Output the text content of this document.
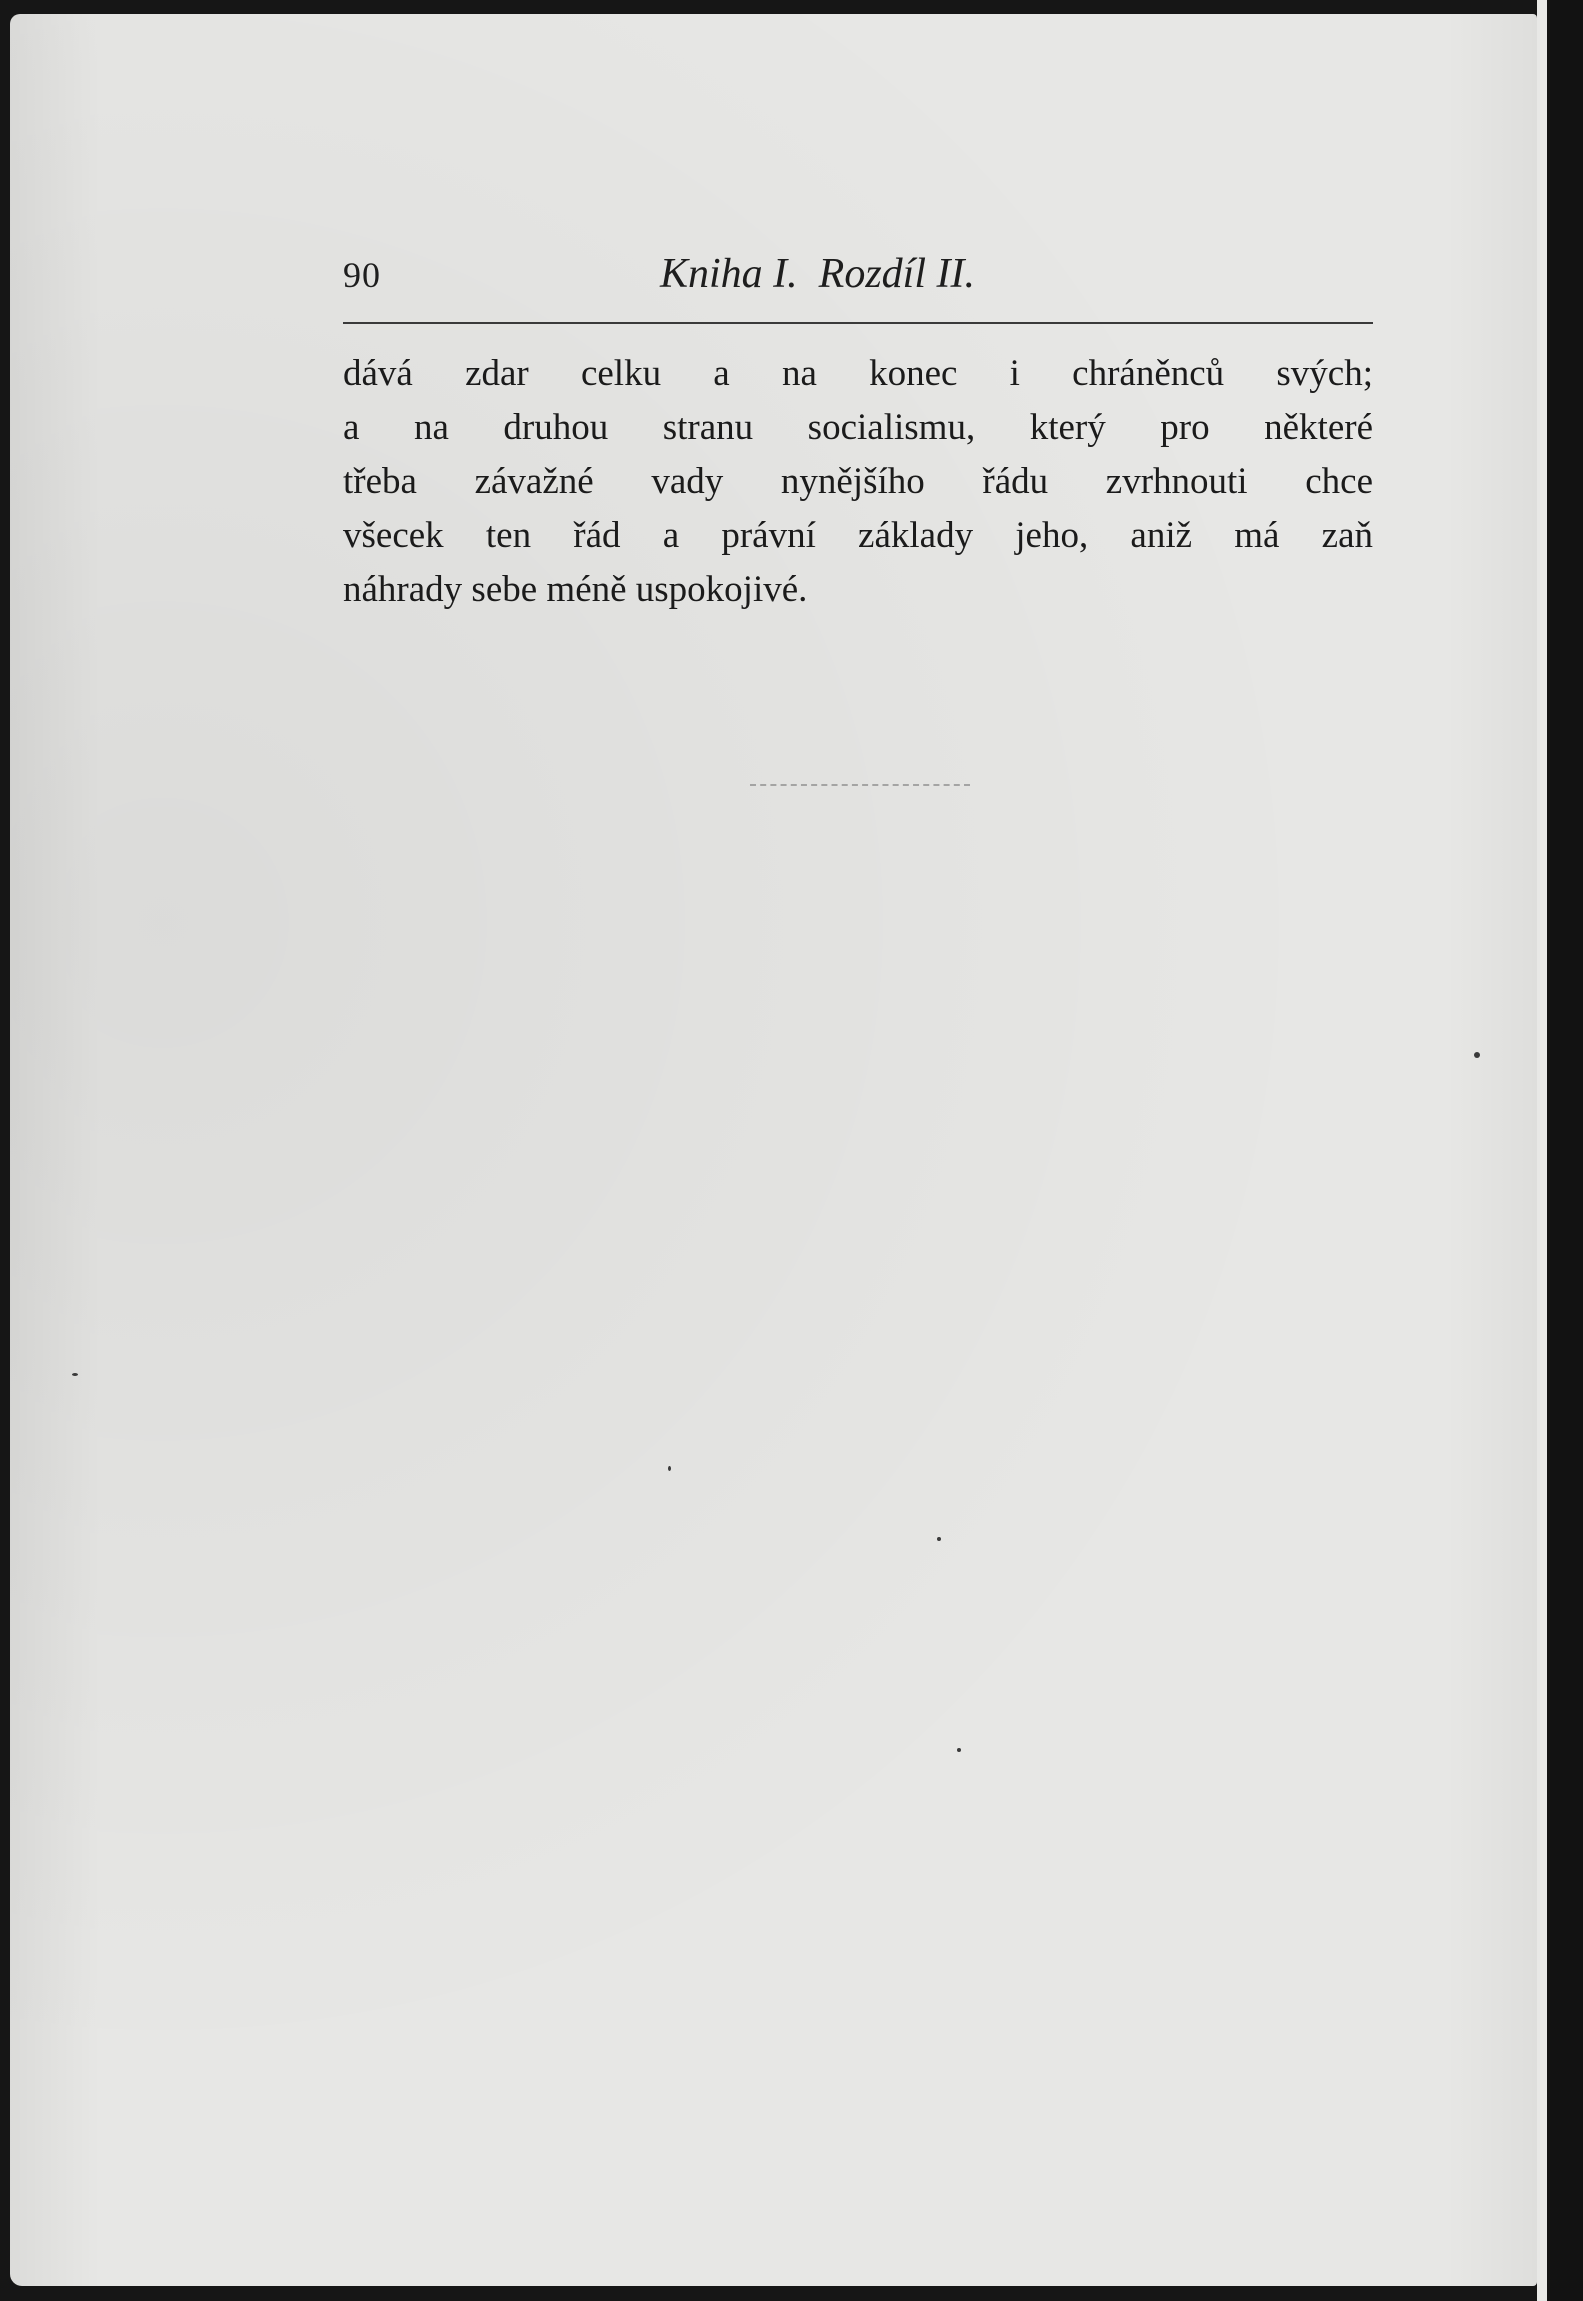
90	Kniha I.  Rozdíl II.
dává zdar celku a na konec i chráněnců svých;
a na druhou stranu socialismu, který pro některé
třeba závažné vady nynějšího řádu zvrhnouti chce
všecek ten řád a právní základy jeho, aniž má zaň
náhrady sebe méně uspokojivé.
